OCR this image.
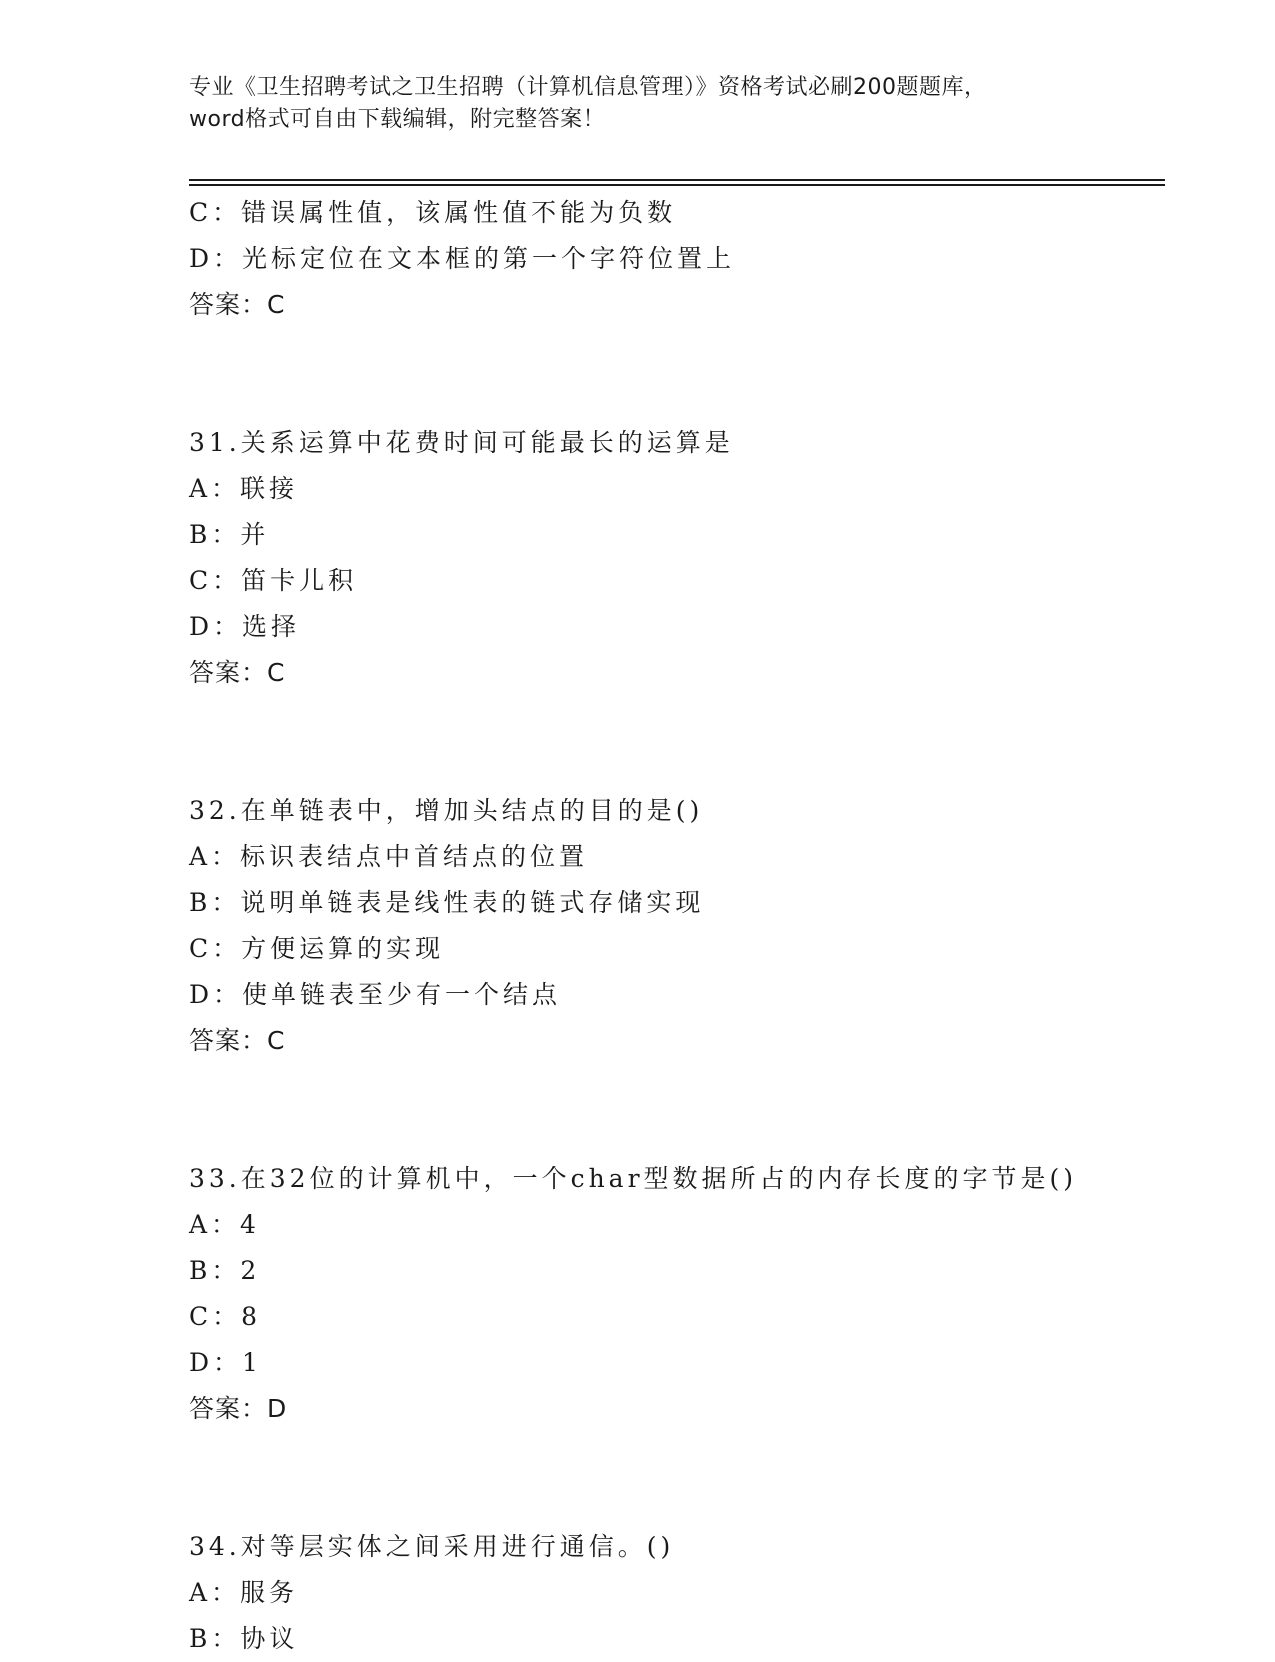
专业《卫生招聘考试之卫生招聘（计算机信息管理）》资格考试必刷200题题库，
word格式可自由下载编辑，附完整答案！
C：错误属性值，该属性值不能为负数
D：光标定位在文本框的第一个字符位置上
答案：C
31.关系运算中花费时间可能最长的运算是
A：联接
B：并
C：笛卡儿积
D：选择
答案：C
32.在单链表中，增加头结点的目的是()
A：标识表结点中首结点的位置
B：说明单链表是线性表的链式存储实现
C：方便运算的实现
D：使单链表至少有一个结点
答案：C
33.在32位的计算机中，一个char型数据所占的内存长度的字节是()
A：4
B：2
C：8
D：1
答案：D
34.对等层实体之间采用进行通信。()
A：服务
B：协议
